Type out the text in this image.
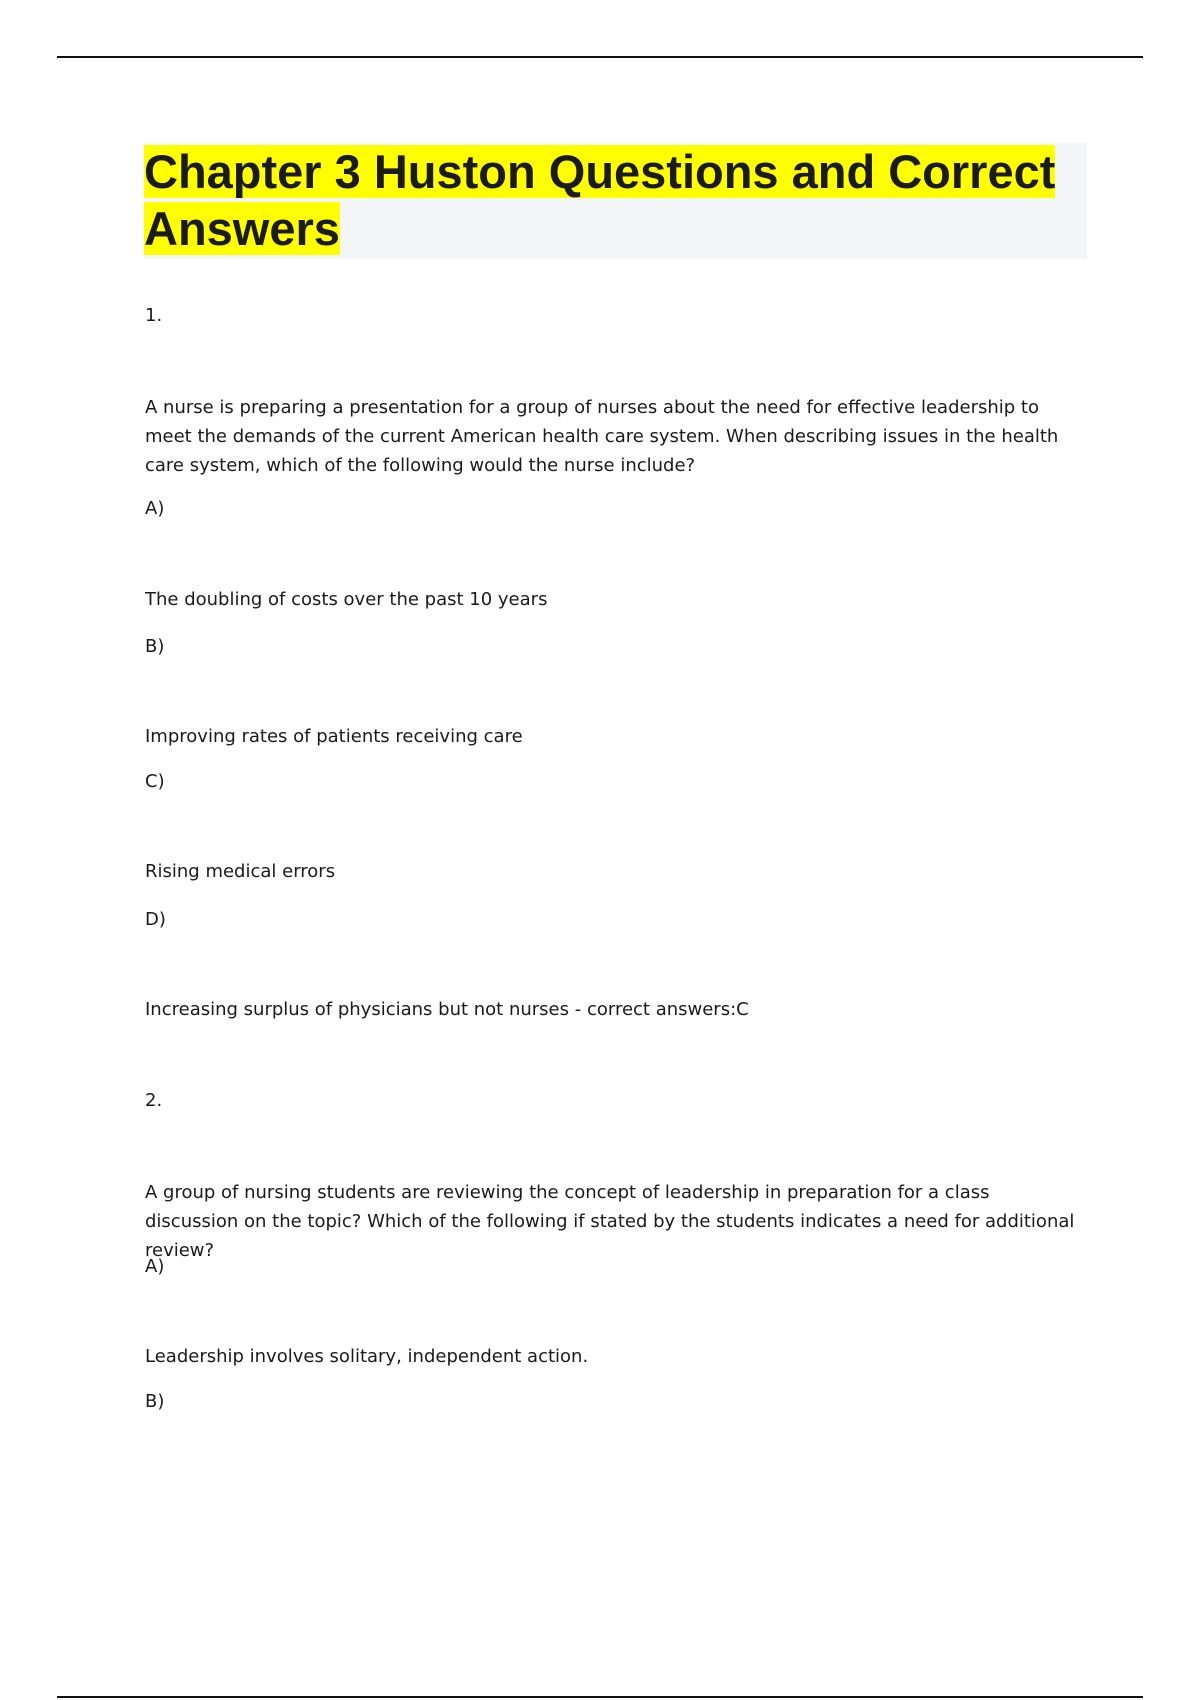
Chapter 3 Huston Questions and Correct Answers

1.

A nurse is preparing a presentation for a group of nurses about the need for effective leadership to meet the demands of the current American health care system. When describing issues in the health care system, which of the following would the nurse include?

A)

The doubling of costs over the past 10 years

B)

Improving rates of patients receiving care

C)

Rising medical errors

D)

Increasing surplus of physicians but not nurses - correct answers:C

2.

A group of nursing students are reviewing the concept of leadership in preparation for a class discussion on the topic? Which of the following if stated by the students indicates a need for additional review?

A)

Leadership involves solitary, independent action.

B)
